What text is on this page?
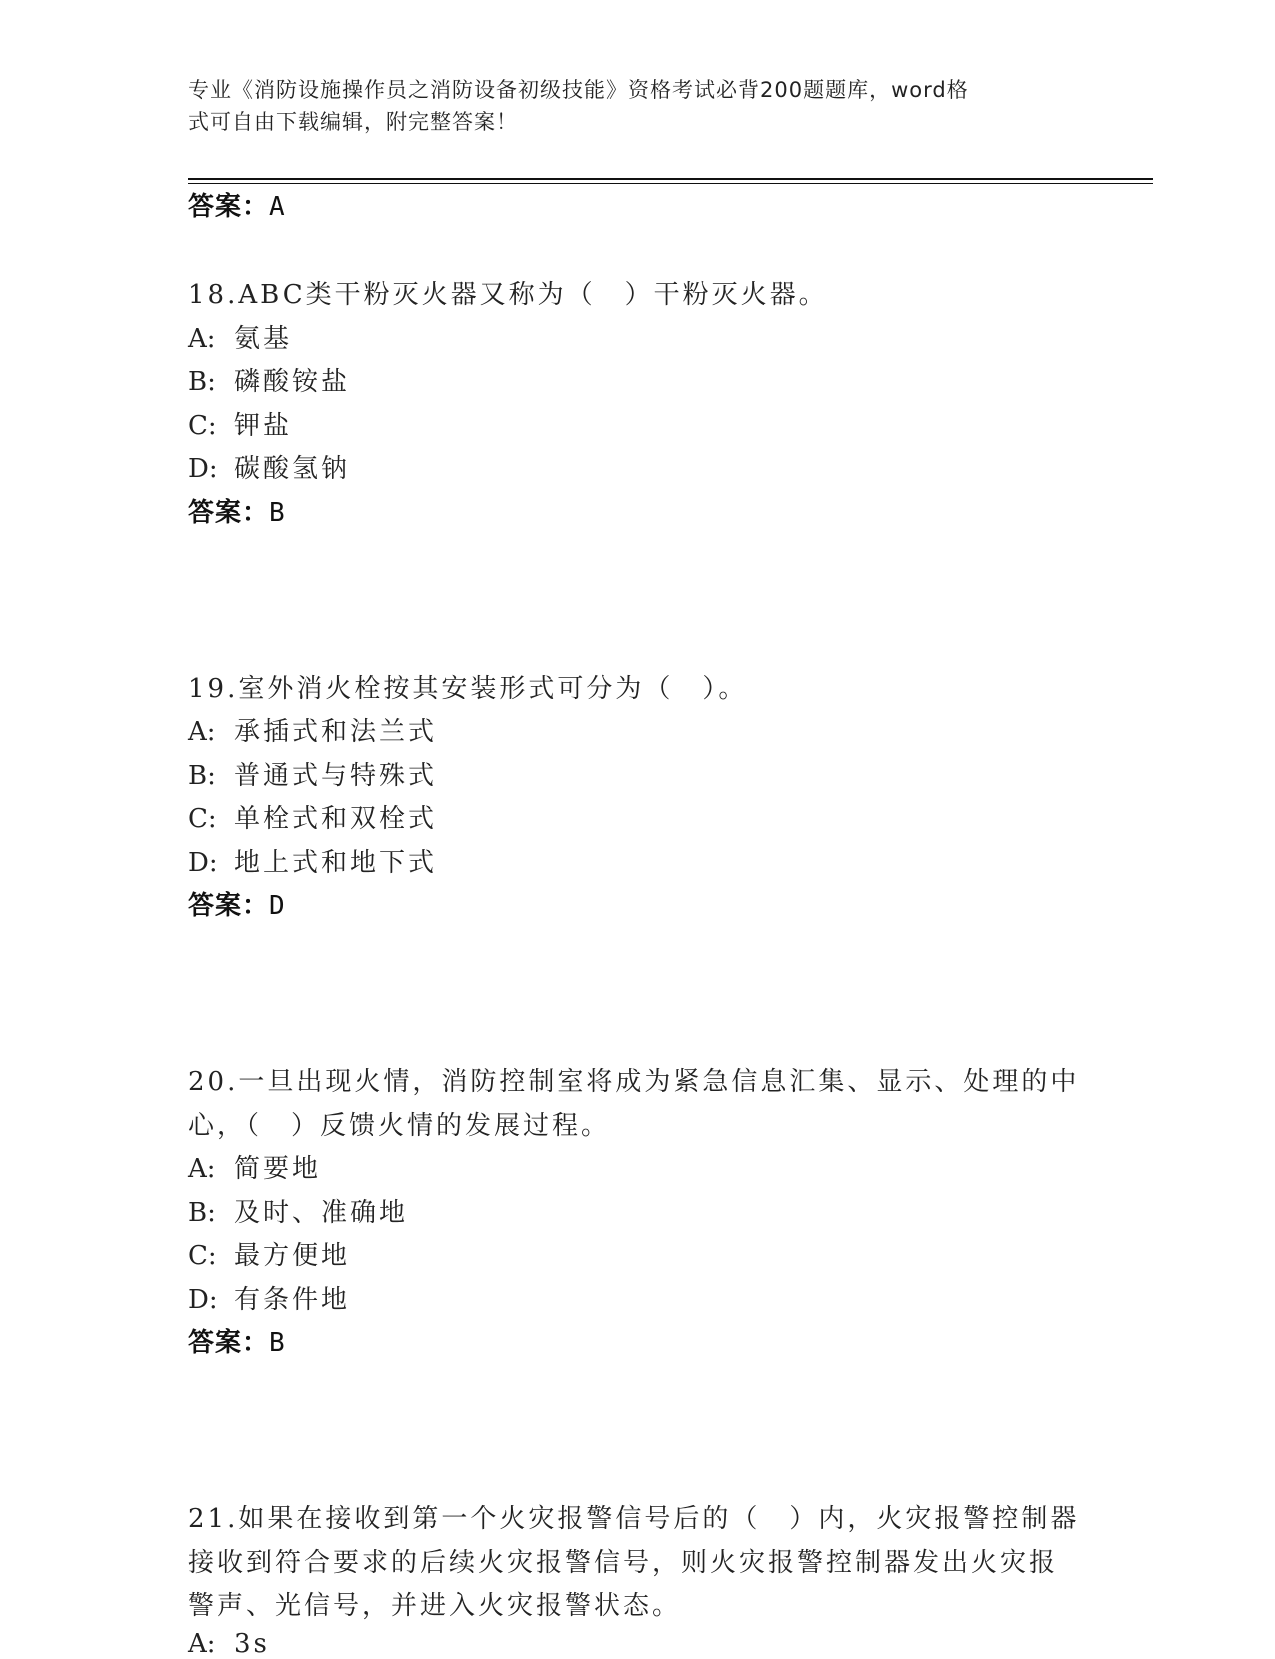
专业《消防设施操作员之消防设备初级技能》资格考试必背200题题库，word格
式可自由下载编辑，附完整答案！
答案：A
18.ABC类干粉灭火器又称为（　）干粉灭火器。
A: 氨基
B: 磷酸铵盐
C: 钾盐
D: 碳酸氢钠
答案：B
19.室外消火栓按其安装形式可分为（　）。
A: 承插式和法兰式
B: 普通式与特殊式
C: 单栓式和双栓式
D: 地上式和地下式
答案：D
20.一旦出现火情，消防控制室将成为紧急信息汇集、显示、处理的中
心，（　）反馈火情的发展过程。
A: 简要地
B: 及时、准确地
C: 最方便地
D: 有条件地
答案：B
21.如果在接收到第一个火灾报警信号后的（　）内，火灾报警控制器
接收到符合要求的后续火灾报警信号，则火灾报警控制器发出火灾报
警声、光信号，并进入火灾报警状态。
A: 3s
